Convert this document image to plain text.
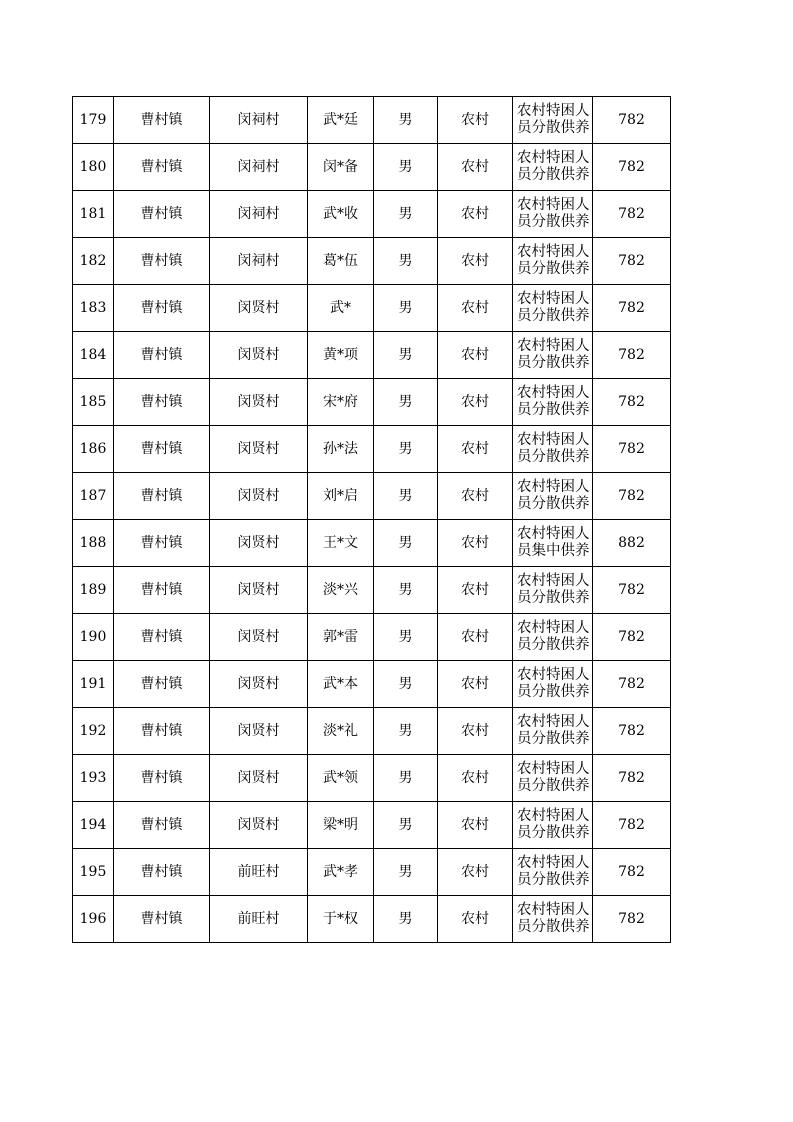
179	曹村镇	闵祠村	武*廷	男	农村	农村特困人
员分散供养	782
180	曹村镇	闵祠村	闵*备	男	农村	农村特困人
员分散供养	782
181	曹村镇	闵祠村	武*收	男	农村	农村特困人
员分散供养	782
182	曹村镇	闵祠村	葛*伍	男	农村	农村特困人
员分散供养	782
183	曹村镇	闵贤村	武*	男	农村	农村特困人
员分散供养	782
184	曹村镇	闵贤村	黄*项	男	农村	农村特困人
员分散供养	782
185	曹村镇	闵贤村	宋*府	男	农村	农村特困人
员分散供养	782
186	曹村镇	闵贤村	孙*法	男	农村	农村特困人
员分散供养	782
187	曹村镇	闵贤村	刘*启	男	农村	农村特困人
员分散供养	782
188	曹村镇	闵贤村	王*文	男	农村	农村特困人
员集中供养	882
189	曹村镇	闵贤村	淡*兴	男	农村	农村特困人
员分散供养	782
190	曹村镇	闵贤村	郭*雷	男	农村	农村特困人
员分散供养	782
191	曹村镇	闵贤村	武*本	男	农村	农村特困人
员分散供养	782
192	曹村镇	闵贤村	淡*礼	男	农村	农村特困人
员分散供养	782
193	曹村镇	闵贤村	武*领	男	农村	农村特困人
员分散供养	782
194	曹村镇	闵贤村	梁*明	男	农村	农村特困人
员分散供养	782
195	曹村镇	前旺村	武*孝	男	农村	农村特困人
员分散供养	782
196	曹村镇	前旺村	于*权	男	农村	农村特困人
员分散供养	782
